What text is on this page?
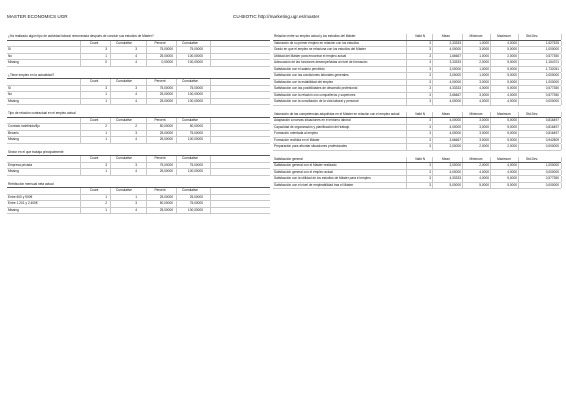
MASTER ECONOMICS UGR	CU-BIOTIC http://marketing.ugr.es/master
¿Ha realizado algún tipo de actividad laboral remunerada después de concluir sus estudios de Máster?
Count	Cumulative	Percent	Cumulative
Sí	3	3	75,00000	75,00000
No	1	4	25,00000	100,00000
Missing	0	4	0,00000	100,00000
¿Tiene empleo en la actualidad?
Count	Cumulative	Percent	Cumulative
Sí	3	3	75,00000	75,00000
No	1	4	25,00000	100,00000
Missing	1	4	25,00000	100,00000
Tipo de relación contractual en el empleo actual
Count	Cumulative	Percent	Cumulative
Contrato indefinido/fijo	2	2	50,00000	50,00000
Becario	1	3	25,00000	75,00000
Missing	1	4	25,00000	100,00000
Sector en el que trabaja principalmente
Count	Cumulative	Percent	Cumulative
Empresa privada	3	3	75,00000	75,00000
Missing	1	4	25,00000	100,00000
Retribución mensual neta actual
Count	Cumulative	Percent	Cumulative
Entre 600 y 900€	1	1	25,00000	25,00000
Entre 1.201 y 2.400€	2	3	50,00000	75,00000
Missing	1	4	25,00000	100,00000
Relación entre su empleo actual y los estudios del Máster	Valid N	Mean	Minimum	Maximum	Std.Dev.
Valoración de su primer empleo en relación con los estudios	3	2,33333	1,0000	4,0000	1,527525
Grado en que el empleo se relaciona con los estudios del Máster	3	4,00000	3,0000	5,0000	1,000000
Utilidad del Máster para encontrar el empleo actual	3	1,66667	1,0000	2,0000	0,577350
Adecuación de las funciones desempeñadas al nivel de formación	3	3,33333	2,0000	5,0000	1,154701
Satisfacción con el salario percibido	3	3,00000	1,0000	5,0000	1,732051
Satisfacción con las condiciones laborales generales	3	3,00000	1,0000	5,0000	2,000000
Satisfacción con la estabilidad del empleo	3	4,00000	3,0000	5,0000	1,000000
Satisfacción con las posibilidades de desarrollo profesional	3	4,33333	4,0000	5,0000	0,577350
Satisfacción con la relación con compañeros y superiores	3	3,66667	3,0000	4,0000	0,577350
Satisfacción con la conciliación de la vida laboral y personal	3	4,00000	4,0000	4,0000	0,000000
Valoración de las competencias adquiridas en el Máster en relación con el empleo actual	Valid N	Mean	Minimum	Maximum	Std.Dev.
Adaptación a nuevas situaciones en el entorno laboral	3	4,00000	3,0000	5,0000	0,816497
Capacidad de organización y planificación del trabajo	3	4,00000	3,0000	5,0000	0,816497
Formación orientada al empleo	3	4,00000	3,0000	5,0000	0,816497
Formación recibida en el Máster	3	3,66667	3,0000	5,0000	0,942809
Preparación para afrontar situaciones profesionales	3	2,00000	2,0000	2,0000	0,000000
Satisfacción general	Valid N	Mean	Minimum	Maximum	Std.Dev.
Satisfacción general con el Máster realizado	3	3,00000	2,0000	4,0000	1,000000
Satisfacción general con el empleo actual	3	4,00000	4,0000	4,0000	0,000000
Satisfacción con la utilidad de los estudios de Máster para el empleo	3	4,33333	4,0000	5,0000	0,577350
Satisfacción con el nivel de empleabilidad tras el Máster	3	5,00000	5,0000	5,0000	0,000000
